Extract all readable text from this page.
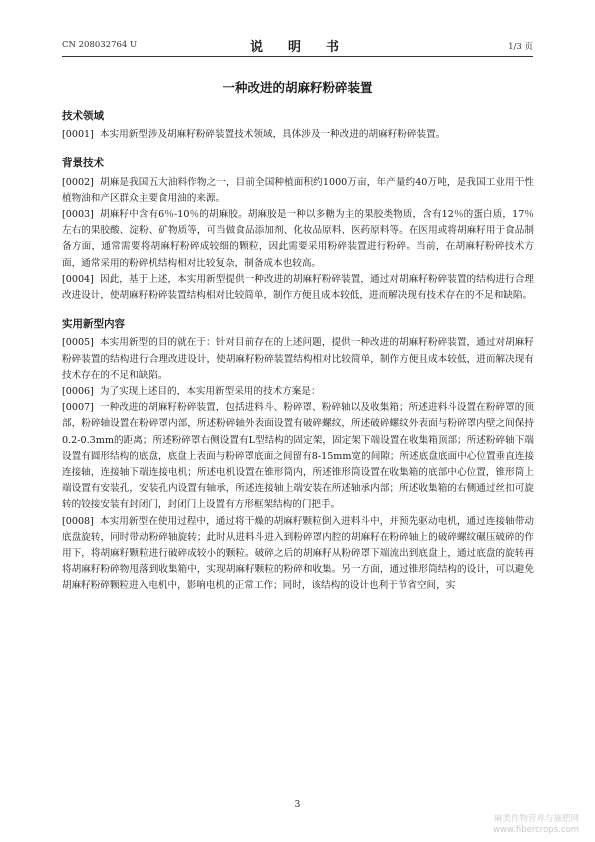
CN 208032764 U	说　明　书	1/3 页
一种改进的胡麻籽粉碎装置
技术领域

[0001] 本实用新型涉及胡麻籽粉碎装置技术领域，具体涉及一种改进的胡麻籽粉碎装置。

背景技术

[0002] 胡麻是我国五大油料作物之一，目前全国种植面积约1000万亩，年产量约40万吨，是我国工业用干性植物油和产区群众主要食用油的来源。

[0003] 胡麻籽中含有6％-10％的胡麻胶。胡麻胶是一种以多糖为主的果胶类物质，含有12％的蛋白质，17％左右的果胶酸、淀粉、矿物质等，可当做食品添加剂、化妆品原料、医药原料等。在医用或将胡麻籽用于食品制备方面，通常需要将胡麻籽粉碎成较细的颗粒，因此需要采用粉碎装置进行粉碎。当前，在胡麻籽粉碎技术方面，通常采用的粉碎机结构相对比较复杂，制备成本也较高。

[0004] 因此，基于上述，本实用新型提供一种改进的胡麻籽粉碎装置，通过对胡麻籽粉碎装置的结构进行合理改进设计，使胡麻籽粉碎装置结构相对比较简单，制作方便且成本较低，进而解决现有技术存在的不足和缺陷。

实用新型内容

[0005] 本实用新型的目的就在于：针对目前存在的上述问题，提供一种改进的胡麻籽粉碎装置，通过对胡麻籽粉碎装置的结构进行合理改进设计，使胡麻籽粉碎装置结构相对比较简单，制作方便且成本较低，进而解决现有技术存在的不足和缺陷。

[0006] 为了实现上述目的，本实用新型采用的技术方案是：

[0007] 一种改进的胡麻籽粉碎装置，包括进料斗、粉碎罩、粉碎轴以及收集箱；所述进料斗设置在粉碎罩的顶部，粉碎轴设置在粉碎罩内部，所述粉碎轴外表面设置有破碎螺纹，所述破碎螺纹外表面与粉碎罩内壁之间保持0.2-0.3mm的距离；所述粉碎罩右侧设置有L型结构的固定架，固定架下端设置在收集箱顶部；所述粉碎轴下端设置有圆形结构的底盘，底盘上表面与粉碎罩底面之间留有8-15mm宽的间隙；所述底盘底面中心位置垂直连接连接轴，连接轴下端连接电机；所述电机设置在锥形筒内，所述锥形筒设置在收集箱的底部中心位置，锥形筒上端设置有安装孔，安装孔内设置有轴承，所述连接轴上端安装在所述轴承内部；所述收集箱的右侧通过丝扣可旋转的铰接安装有封闭门，封闭门上设置有方形框架结构的门把手。

[0008] 本实用新型在使用过程中，通过将干燥的胡麻籽颗粒倒入进料斗中，并预先驱动电机，通过连接轴带动底盘旋转，同时带动粉碎轴旋转；此时从进料斗进入到粉碎罩内腔的胡麻籽在粉碎轴上的破碎螺纹碾压破碎的作用下，将胡麻籽颗粒进行破碎成较小的颗粒。破碎之后的胡麻籽从粉碎罩下端流出到底盘上，通过底盘的旋转再将胡麻籽粉碎物甩落到收集箱中，实现胡麻籽颗粒的粉碎和收集。另一方面，通过锥形筒结构的设计，可以避免胡麻籽粉碎颗粒进入电机中，影响电机的正常工作；同时，该结构的设计也利于节省空间，实

3
麻类作物营养与施肥网
www.fibercrops.com
